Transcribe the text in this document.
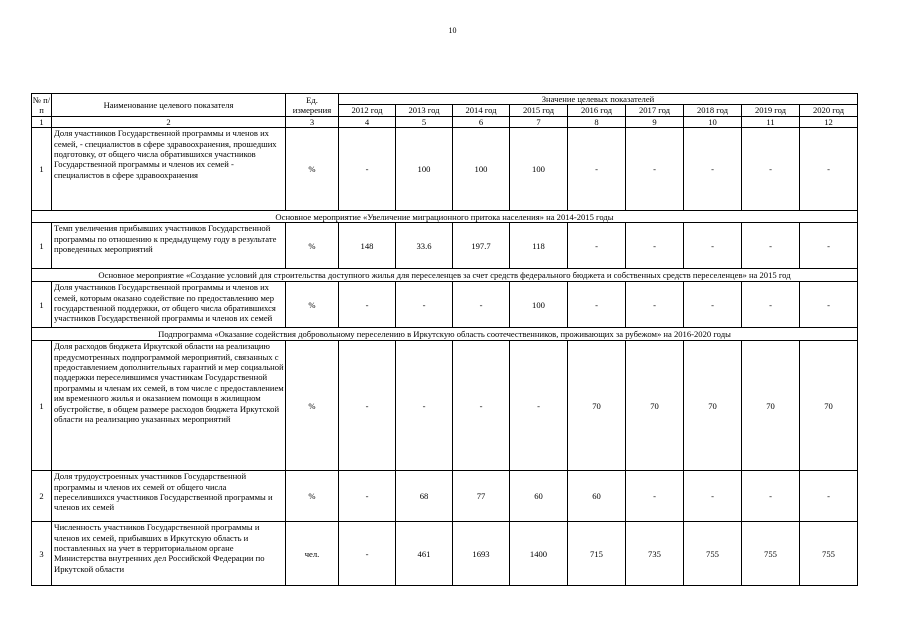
10
№ п/п	Наименование целевого показателя	Ед. измерения	Значение целевых показателей								
			2012 год	2013 год	2014 год	2015 год	2016 год	2017 год	2018 год	2019 год	2020 год
1	2	3	4	5	6	7	8	9	10	11	12
1	Доля участников Государственной программы и членов их семей, - специалистов в сфере здравоохранения, прошедших подготовку, от общего числа обратившихся участников Государственной программы и членов их семей - специалистов в сфере здравоохранения	%	-	100	100	100	-	-	-	-	-
Основное мероприятие «Увеличение миграционного притока населения» на 2014-2015 годы											
1	Темп увеличения прибывших участников Государственной программы по отношению к предыдущему году в результате проведенных мероприятий	%	148	33.6	197.7	118	-	-	-	-	-
Основное мероприятие «Создание условий для строительства доступного жилья для переселенцев за счет средств федерального бюджета и собственных средств переселенцев» на 2015 год											
1	Доля участников Государственной программы и членов их семей, которым оказано содействие по предоставлению мер государственной поддержки, от общего числа обратившихся участников Государственной программы и членов их семей	%	-	-	-	100	-	-	-	-	-
Подпрограмма «Оказание содействия добровольному переселению в Иркутскую область соотечественников, проживающих за рубежом» на 2016-2020 годы											
1	Доля расходов бюджета Иркутской области на реализацию предусмотренных подпрограммой мероприятий, связанных с предоставлением дополнительных гарантий и мер социальной поддержки переселившимся участникам Государственной программы и членам их семей, в том числе с предоставлением им временного жилья и оказанием помощи в жилищном обустройстве, в общем размере расходов бюджета Иркутской области на реализацию указанных мероприятий	%	-	-	-	-	70	70	70	70	70
2	Доля трудоустроенных участников Государственной программы и членов их семей от общего числа переселившихся участников Государственной программы и членов их семей	%	-	68	77	60	60	-	-	-	-
3	Численность участников Государственной программы и членов их семей, прибывших в Иркутскую область и поставленных на учет в территориальном органе Министерства внутренних дел Российской Федерации по Иркутской области	чел.	-	461	1693	1400	715	735	755	755	755
